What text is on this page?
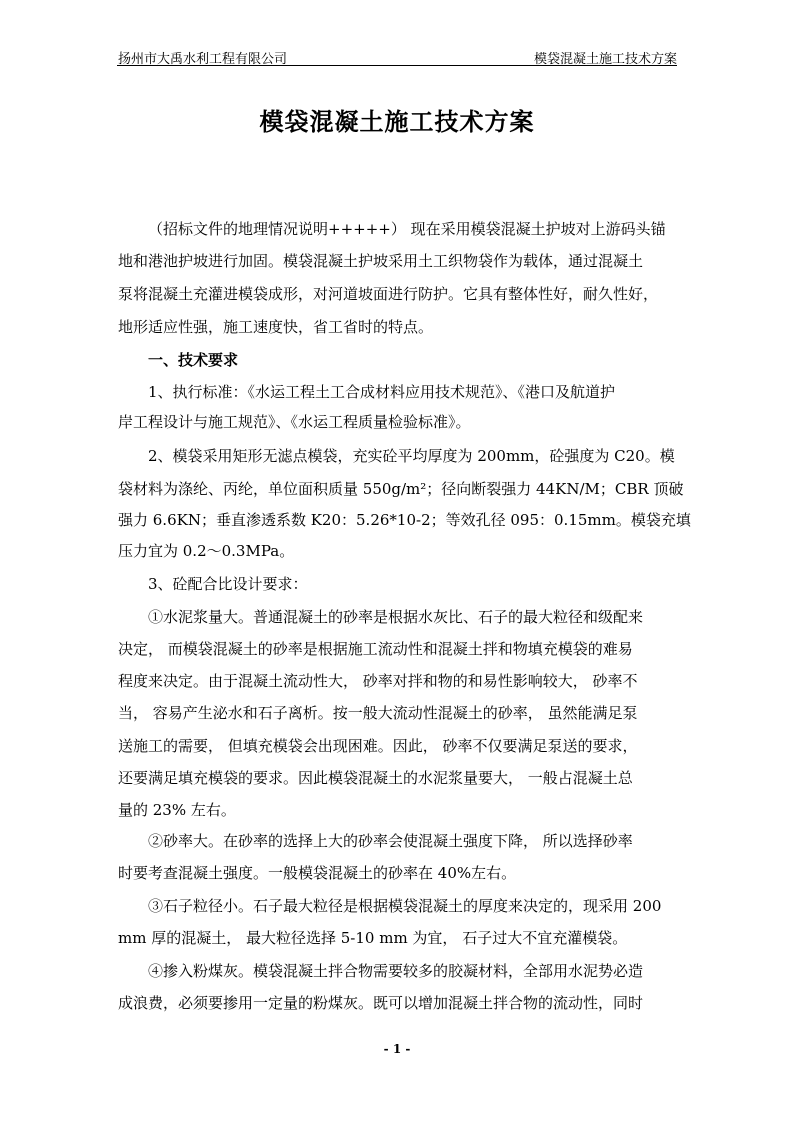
扬州市大禹水利工程有限公司	模袋混凝土施工技术方案
模袋混凝土施工技术方案
（招标文件的地理情况说明+++++） 现在采用模袋混凝土护坡对上游码头锚
地和港池护坡进行加固。模袋混凝土护坡采用土工织物袋作为载体，通过混凝土
泵将混凝土充灌进模袋成形，对河道坡面进行防护。它具有整体性好，耐久性好，
地形适应性强，施工速度快，省工省时的特点。
一、技术要求
1、执行标准：《水运工程土工合成材料应用技术规范》、《港口及航道护
岸工程设计与施工规范》、《水运工程质量检验标准》。
2、模袋采用矩形无滤点模袋，充实砼平均厚度为 200mm，砼强度为 C20。模
袋材料为涤纶、丙纶，单位面积质量 550g/m²；径向断裂强力 44KN/M；CBR 顶破
强力 6.6KN；垂直渗透系数 K20：5.26*10-2；等效孔径 095：0.15mm。模袋充填
压力宜为 0.2～0.3MPa。
3、砼配合比设计要求：
①水泥浆量大。普通混凝土的砂率是根据水灰比、石子的最大粒径和级配来
决定， 而模袋混凝土的砂率是根据施工流动性和混凝土拌和物填充模袋的难易
程度来决定。由于混凝土流动性大， 砂率对拌和物的和易性影响较大， 砂率不
当， 容易产生泌水和石子离析。按一般大流动性混凝土的砂率， 虽然能满足泵
送施工的需要， 但填充模袋会出现困难。因此， 砂率不仅要满足泵送的要求，
还要满足填充模袋的要求。因此模袋混凝土的水泥浆量要大， 一般占混凝土总
量的 23% 左右。
②砂率大。在砂率的选择上大的砂率会使混凝土强度下降， 所以选择砂率
时要考查混凝土强度。一般模袋混凝土的砂率在 40%左右。
③石子粒径小。石子最大粒径是根据模袋混凝土的厚度来决定的，现采用 200
mm 厚的混凝土， 最大粒径选择 5-10 mm 为宜， 石子过大不宜充灌模袋。
④掺入粉煤灰。模袋混凝土拌合物需要较多的胶凝材料，全部用水泥势必造
成浪费，必须要掺用一定量的粉煤灰。既可以增加混凝土拌合物的流动性，同时
- 1 -
